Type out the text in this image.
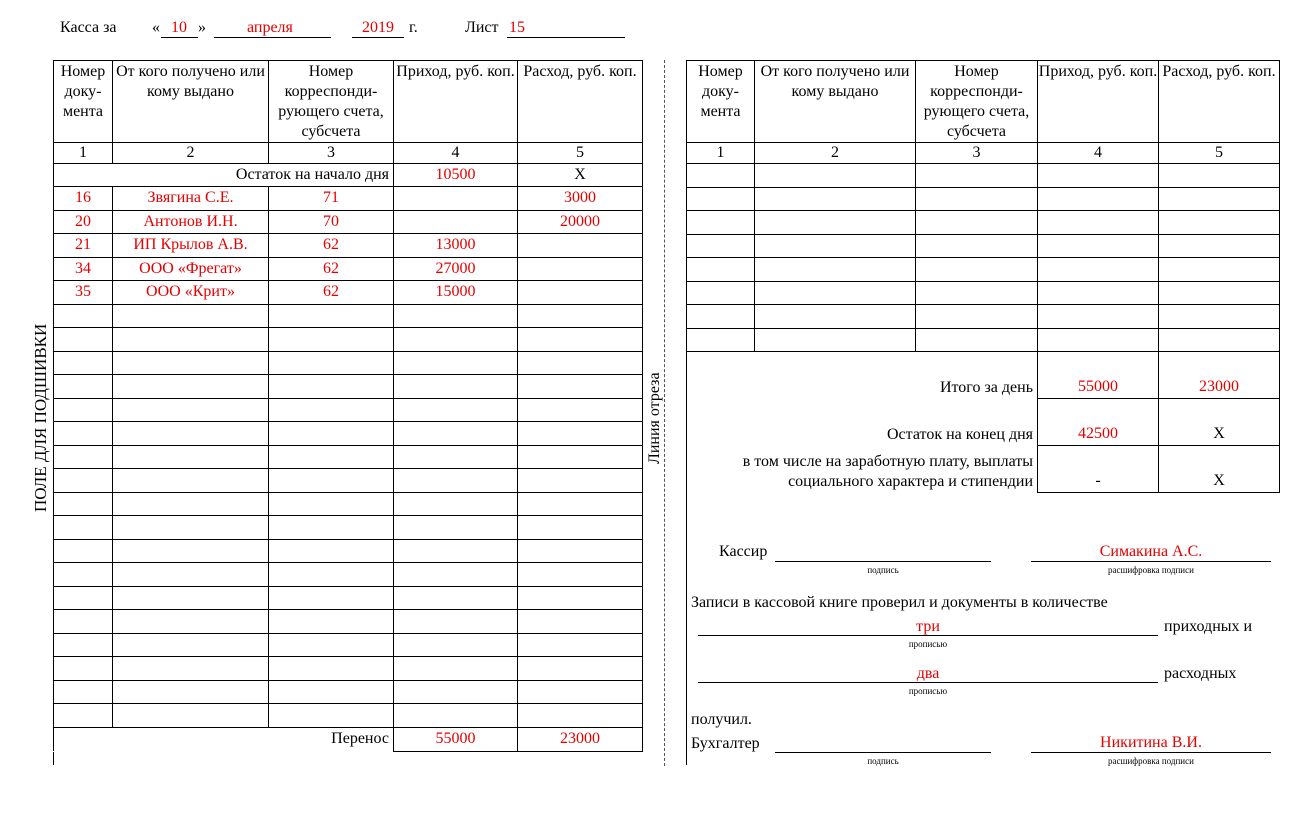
Касса за « 10 »	апреля	2019 г.	Лист 15
ПОЛЕ ДЛЯ ПОДШИВКИ	Линия отреза
Номер доку- мента	От кого получено или кому выдано	Номер корреспонди- рующего счета, субсчета	Приход, руб. коп.	Расход, руб. коп.
1	2	3	4	5
Остаток на начало дня			10500	X
16	Звягина С.Е.	71		3000
20	Антонов И.Н.	70		20000
21	ИП Крылов А.В.	62	13000	
34	ООО «Фрегат»	62	27000	
35	ООО «Крит»	62	15000	

Перенос			55000	23000
Номер доку- мента	От кого получено или кому выдано	Номер корреспонди- рующего счета, субсчета	Приход, руб. коп.	Расход, руб. коп.
1	2	3	4	5

Итого за день			55000	23000
Остаток на конец дня			42500	X

в том числе на заработную плату, выплаты
социального характера и стипендии			-	X
Кассир
подпись
Симакина А.С.
расшифровка подписи
Записи в кассовой книге проверил и документы в количестве
три
прописью
приходных и
два
прописью
расходных
получил.
Бухгалтер
подпись
Никитина В.И.
расшифровка подписи
